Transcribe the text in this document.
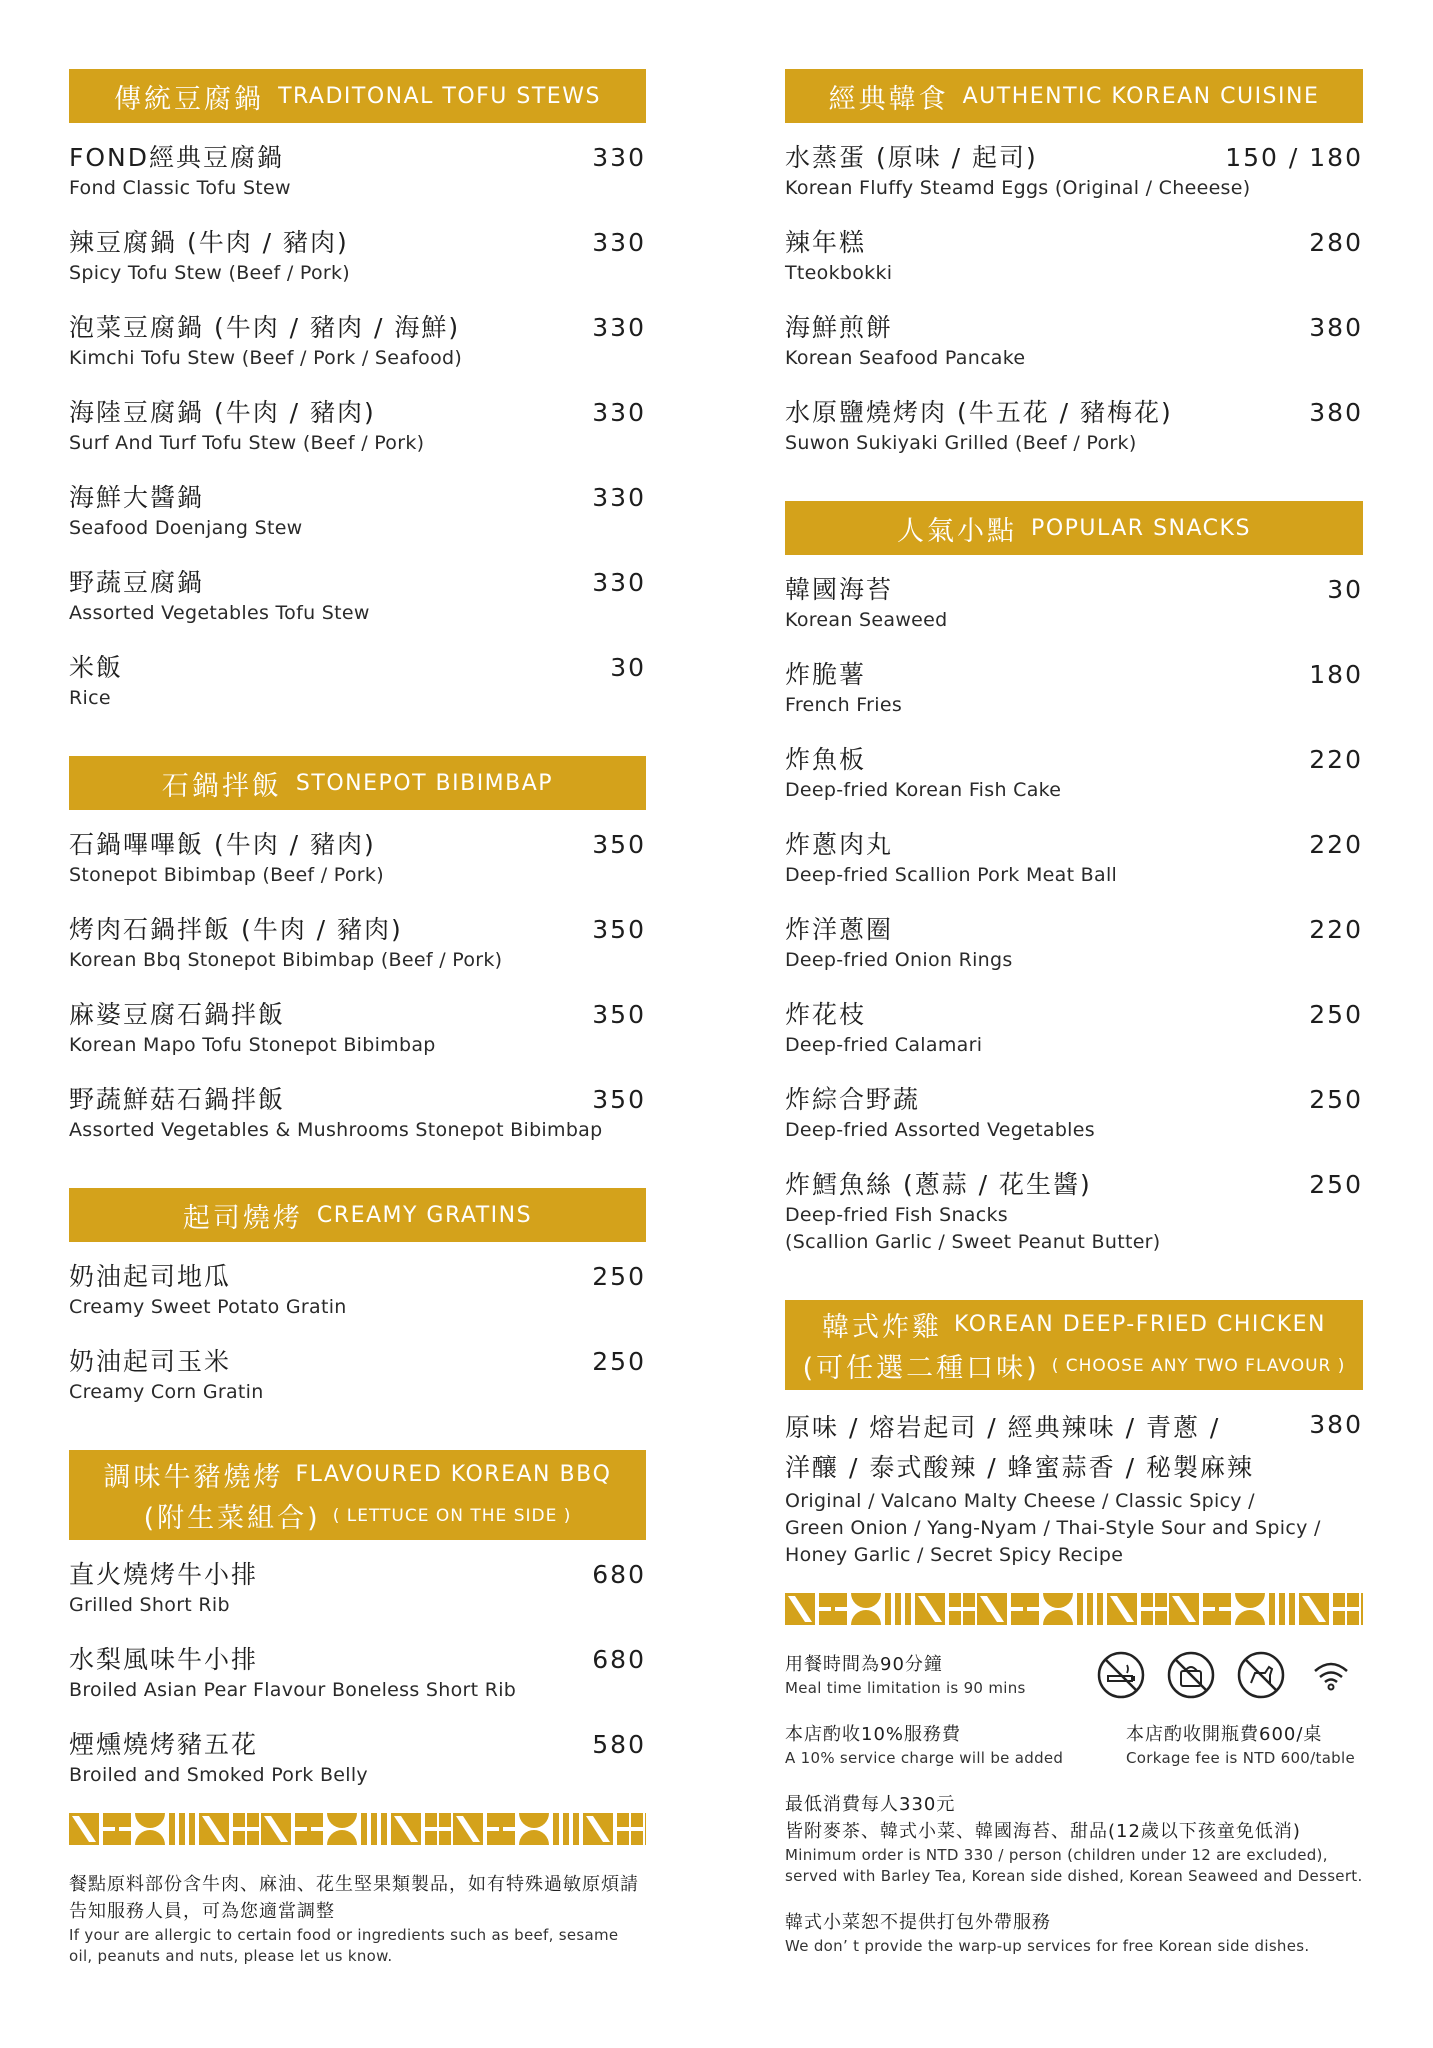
傳統豆腐鍋 TRADITONAL TOFU STEWS
FOND經典豆腐鍋
Fond Classic Tofu Stew
330
辣豆腐鍋 (牛肉 / 豬肉)
Spicy Tofu Stew (Beef / Pork)
330
泡菜豆腐鍋 (牛肉 / 豬肉 / 海鮮)
Kimchi Tofu Stew (Beef / Pork / Seafood)
330
海陸豆腐鍋 (牛肉 / 豬肉)
Surf And Turf Tofu Stew (Beef / Pork)
330
海鮮大醬鍋
Seafood Doenjang Stew
330
野蔬豆腐鍋
Assorted Vegetables Tofu Stew
330
米飯
Rice
30
石鍋拌飯 STONEPOT BIBIMBAP
石鍋嗶嗶飯 (牛肉 / 豬肉)
Stonepot Bibimbap (Beef / Pork)
350
烤肉石鍋拌飯 (牛肉 / 豬肉)
Korean Bbq Stonepot Bibimbap (Beef / Pork)
350
麻婆豆腐石鍋拌飯
Korean Mapo Tofu Stonepot Bibimbap
350
野蔬鮮菇石鍋拌飯
Assorted Vegetables & Mushrooms Stonepot Bibimbap
350
起司燒烤 CREAMY GRATINS
奶油起司地瓜
Creamy Sweet Potato Gratin
250
奶油起司玉米
Creamy Corn Gratin
250
調味牛豬燒烤 FLAVOURED KOREAN BBQ
(附生菜組合) ( LETTUCE ON THE SIDE )
直火燒烤牛小排
Grilled Short Rib
680
水梨風味牛小排
Broiled Asian Pear Flavour Boneless Short Rib
680
煙燻燒烤豬五花
Broiled and Smoked Pork Belly
580
餐點原料部份含牛肉、麻油、花生堅果類製品，如有特殊過敏原煩請告知服務人員，可為您適當調整
If your are allergic to certain food or ingredients such as beef, sesame oil, peanuts and nuts, please let us know.
經典韓食 AUTHENTIC KOREAN CUISINE
水蒸蛋 (原味 / 起司)
Korean Fluffy Steamd Eggs (Original / Cheeese)
150 / 180
辣年糕
Tteokbokki
280
海鮮煎餅
Korean Seafood Pancake
380
水原鹽燒烤肉 (牛五花 / 豬梅花)
Suwon Sukiyaki Grilled (Beef / Pork)
380
人氣小點 POPULAR SNACKS
韓國海苔
Korean Seaweed
30
炸脆薯
French Fries
180
炸魚板
Deep-fried Korean Fish Cake
220
炸蔥肉丸
Deep-fried Scallion Pork Meat Ball
220
炸洋蔥圈
Deep-fried Onion Rings
220
炸花枝
Deep-fried Calamari
250
炸綜合野蔬
Deep-fried Assorted Vegetables
250
炸鱈魚絲 (蔥蒜 / 花生醬)
Deep-fried Fish Snacks
(Scallion Garlic / Sweet Peanut Butter)
250
韓式炸雞 KOREAN DEEP-FRIED CHICKEN
(可任選二種口味) ( CHOOSE ANY TWO FLAVOUR )
原味 / 熔岩起司 / 經典辣味 / 青蔥 /
洋釀 / 泰式酸辣 / 蜂蜜蒜香 / 秘製麻辣
Original / Valcano Malty Cheese / Classic Spicy /
Green Onion / Yang-Nyam / Thai-Style Sour and Spicy /
Honey Garlic / Secret Spicy Recipe
380
用餐時間為90分鐘
Meal time limitation is 90 mins
本店酌收10%服務費
A 10% service charge will be added
本店酌收開瓶費600/桌
Corkage fee is NTD 600/table
最低消費每人330元
皆附麥茶、韓式小菜、韓國海苔、甜品(12歲以下孩童免低消)
Minimum order is NTD 330 / person (children under 12 are excluded),
served with Barley Tea, Korean side dished, Korean Seaweed and Dessert.
韓式小菜恕不提供打包外帶服務
We don’ t provide the warp-up services for free Korean side dishes.
